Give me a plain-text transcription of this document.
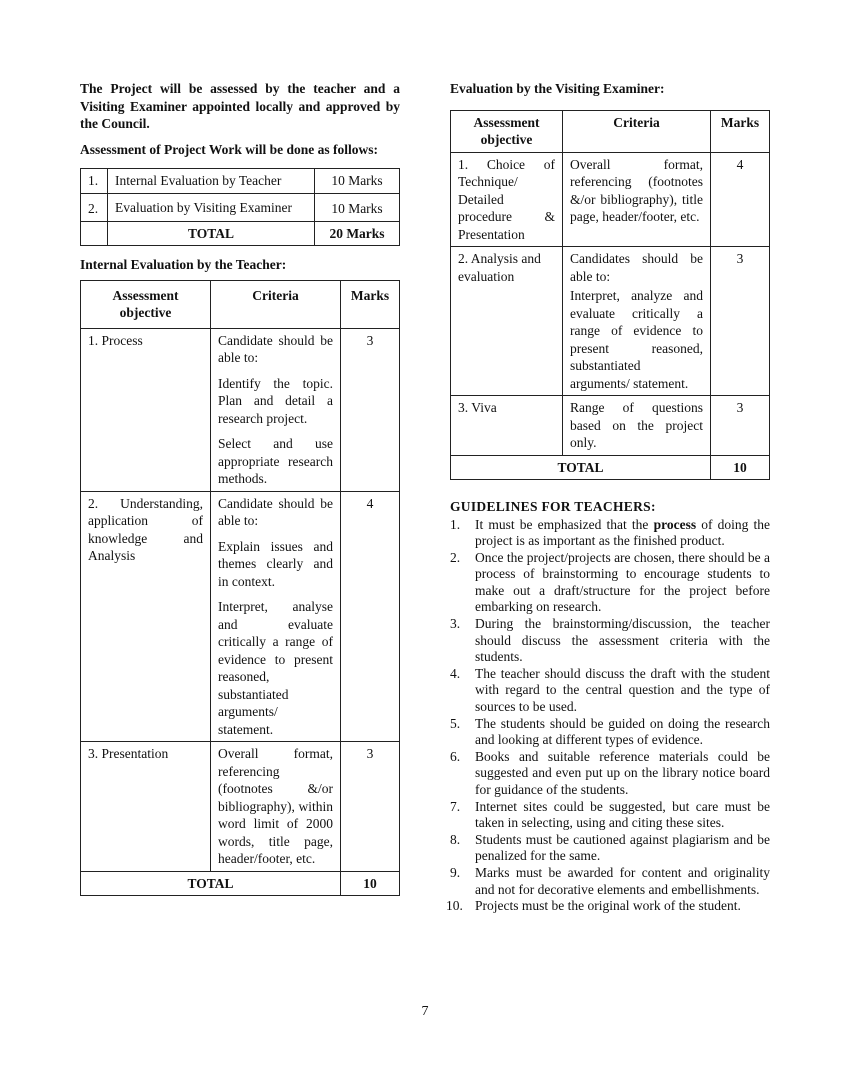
The Project will be assessed by the teacher and a Visiting Examiner appointed locally and approved by the Council.

Assessment of Project Work will be done as follows:

1.	Internal Evaluation by Teacher	10 Marks
2.	Evaluation by Visiting Examiner	10 Marks
	TOTAL	20 Marks

Internal Evaluation by the Teacher:

Assessment objective	Criteria	Marks
1. Process	Candidate should be able to:

Identify the topic. Plan and detail a research project.

Select and use appropriate research methods.	3
2. Understanding, application of knowledge and Analysis	Candidate should be able to:

Explain issues and themes clearly and in context.

Interpret, analyse and evaluate critically a range of evidence to present reasoned, substantiated arguments/ statement.	4
3. Presentation	Overall format, referencing (footnotes &/or bibliography), within word limit of 2000 words, title page, header/footer, etc.	3
TOTAL		10

Evaluation by the Visiting Examiner:

Assessment objective	Criteria	Marks
1. Choice of Technique/ Detailed procedure & Presentation	Overall format, referencing (footnotes &/or bibliography), title page, header/footer, etc.	4
2. Analysis and evaluation	Candidates should be able to:

Interpret, analyze and evaluate critically a range of evidence to present reasoned, substantiated arguments/ statement.	3
3. Viva	Range of questions based on the project only.	3
TOTAL		10

GUIDELINES FOR TEACHERS:

1.	It must be emphasized that the process of doing the project is as important as the finished product.
2.	Once the project/projects are chosen, there should be a process of brainstorming to encourage students to make out a draft/structure for the project before embarking on research.
3.	During the brainstorming/discussion, the teacher should discuss the assessment criteria with the students.
4.	The teacher should discuss the draft with the student with regard to the central question and the type of sources to be used.
5.	The students should be guided on doing the research and looking at different types of evidence.
6.	Books and suitable reference materials could be suggested and even put up on the library notice board for guidance of the students.
7.	Internet sites could be suggested, but care must be taken in selecting, using and citing these sites.
8.	Students must be cautioned against plagiarism and be penalized for the same.
9.	Marks must be awarded for content and originality and not for decorative elements and embellishments.
10. Projects must be the original work of the student.
7
